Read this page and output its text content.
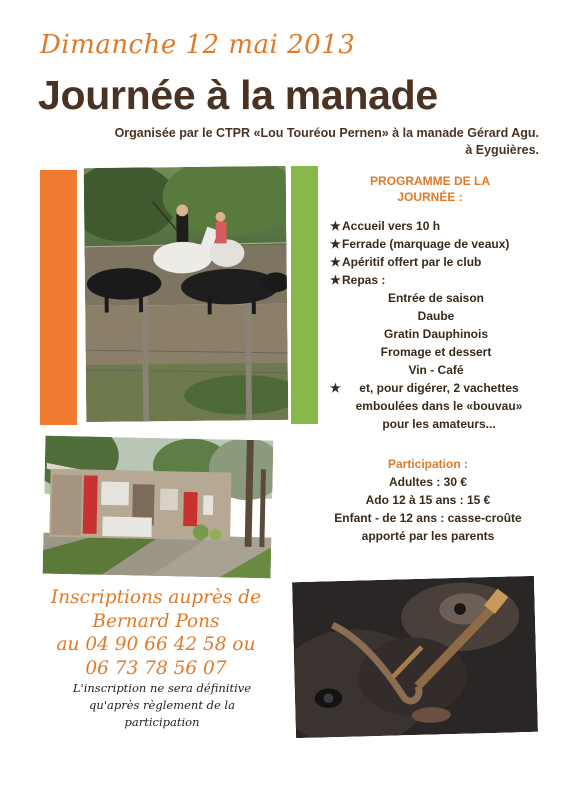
Dimanche 12 mai 2013
Journée à la manade
Organisée par le CTPR «Lou Touréou Pernen» à la manade Gérard Agu.
à Eyguières.
PROGRAMME DE LA
JOURNÉE :
★ Accueil vers 10 h
★ Ferrade (marquage de veaux)
★ Apéritif offert par le club
★ Repas :
Entrée de saison
Daube
Gratin Dauphinois
Fromage et dessert
Vin - Café
★	et, pour digérer, 2 vachettes
emboulées dans le «bouvau»
pour les amateurs...
Participation :
Adultes : 30 €
Ado 12 à 15 ans : 15 €
Enfant - de 12 ans : casse-croûte
apporté par les parents
Inscriptions auprès de
Bernard Pons
au 04 90 66 42 58 ou
06 73 78 56 07
L'inscription ne sera définitive
qu'après règlement de la
participation
